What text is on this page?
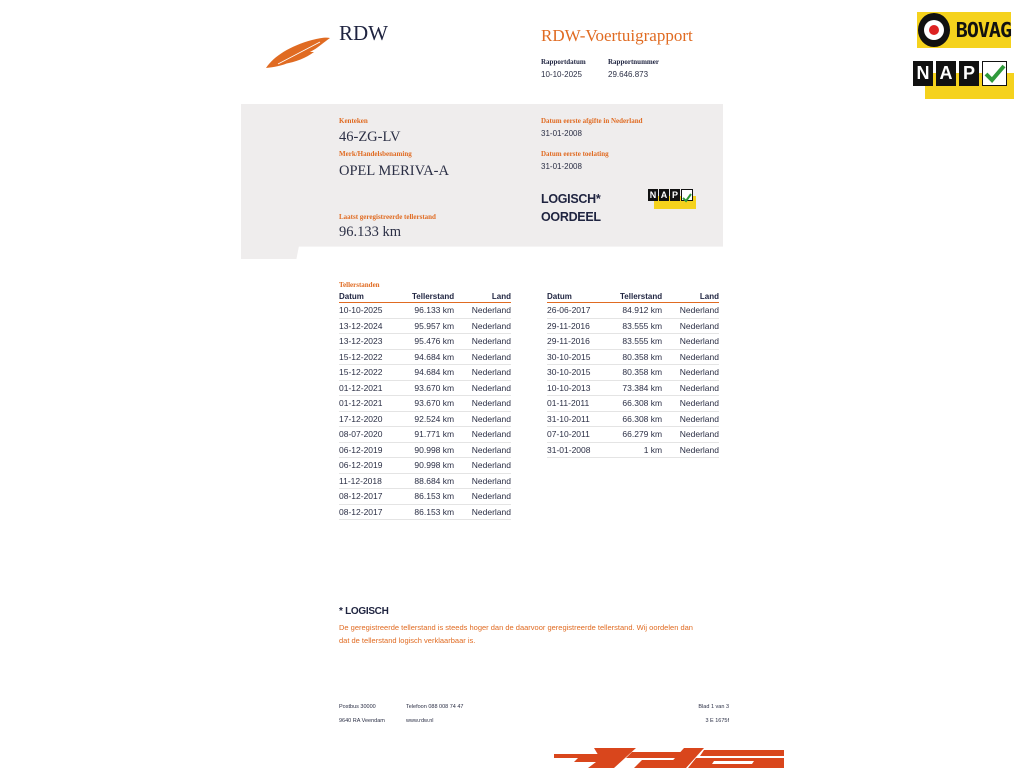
RDW	RDW-Voertuigrapport
Rapportdatum
10-10-2025
Rapportnummer
29.646.873
BOVAG
N A P
Kenteken
46-ZG-LV
Merk/Handelsbenaming
OPEL MERIVA-A
Datum eerste afgifte in Nederland
31-01-2008
Datum eerste toelating
31-01-2008
LOGISCH*
OORDEEL
N A P
Laatst geregistreerde tellerstand
96.133 km
Tellerstanden
Datum	Tellerstand	Land
10-10-2025	96.133 km	Nederland
13-12-2024	95.957 km	Nederland
13-12-2023	95.476 km	Nederland
15-12-2022	94.684 km	Nederland
15-12-2022	94.684 km	Nederland
01-12-2021	93.670 km	Nederland
01-12-2021	93.670 km	Nederland
17-12-2020	92.524 km	Nederland
08-07-2020	91.771 km	Nederland
06-12-2019	90.998 km	Nederland
06-12-2019	90.998 km	Nederland
11-12-2018	88.684 km	Nederland
08-12-2017	86.153 km	Nederland
08-12-2017	86.153 km	Nederland
Datum	Tellerstand	Land
26-06-2017	84.912 km	Nederland
29-11-2016	83.555 km	Nederland
29-11-2016	83.555 km	Nederland
30-10-2015	80.358 km	Nederland
30-10-2015	80.358 km	Nederland
10-10-2013	73.384 km	Nederland
01-11-2011	66.308 km	Nederland
31-10-2011	66.308 km	Nederland
07-10-2011	66.279 km	Nederland
31-01-2008	1 km	Nederland
* LOGISCH
De geregistreerde tellerstand is steeds hoger dan de daarvoor geregistreerde tellerstand. Wij oordelen dan
dat de tellerstand logisch verklaarbaar is.
Postbus 30000
9640 RA Veendam
Telefoon 088 008 74 47
www.rdw.nl
Blad 1 van 3
3 E 1675f
